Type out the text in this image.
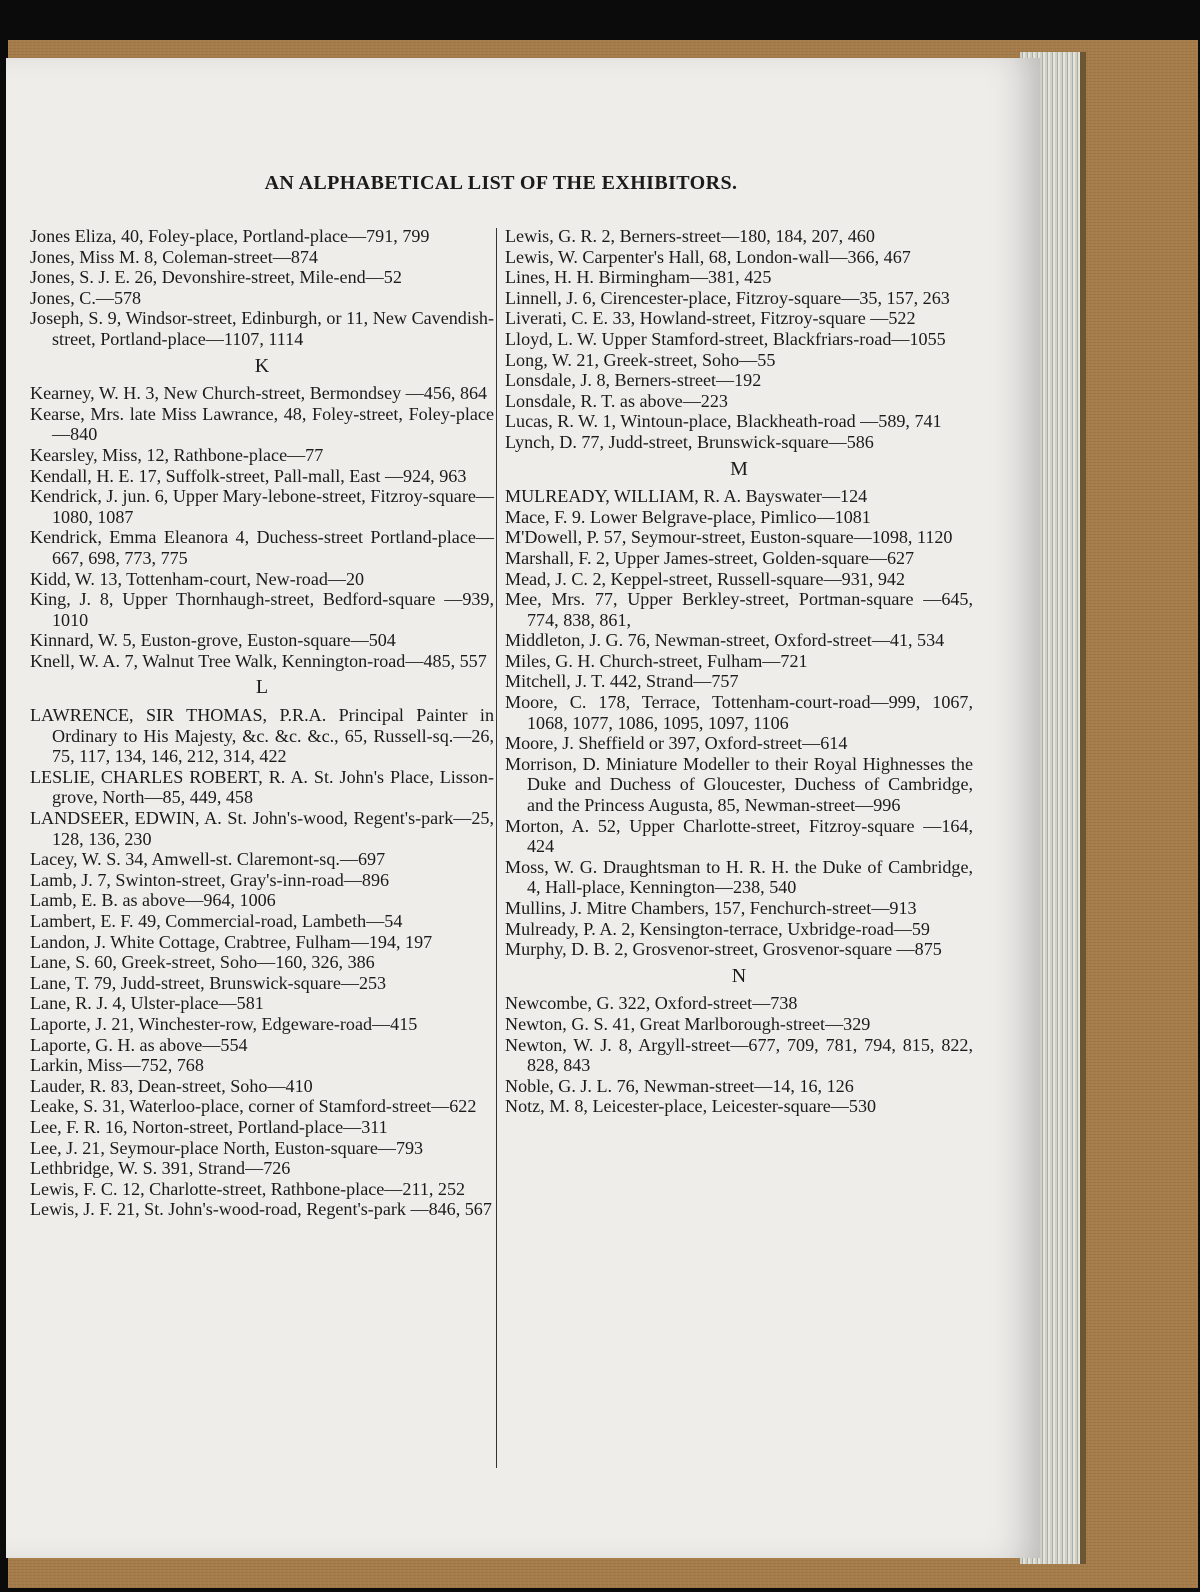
AN ALPHABETICAL LIST OF THE EXHIBITORS.

Jones Eliza, 40, Foley-place, Portland-place—791, 799

Jones, Miss M. 8, Coleman-street—874

Jones, S. J. E. 26, Devonshire-street, Mile-end—52

Jones, C.—578

Joseph, S. 9, Windsor-street, Edinburgh, or 11, New Cavendish-street, Portland-place—1107, 1114

K

Kearney, W. H. 3, New Church-street, Bermondsey —456, 864

Kearse, Mrs. late Miss Lawrance, 48, Foley-street, Foley-place—840

Kearsley, Miss, 12, Rathbone-place—77

Kendall, H. E. 17, Suffolk-street, Pall-mall, East —924, 963

Kendrick, J. jun. 6, Upper Mary-lebone-street, Fitzroy-square—1080, 1087

Kendrick, Emma Eleanora 4, Duchess-street Portland-place—667, 698, 773, 775

Kidd, W. 13, Tottenham-court, New-road—20

King, J. 8, Upper Thornhaugh-street, Bedford-square —939, 1010

Kinnard, W. 5, Euston-grove, Euston-square—504

Knell, W. A. 7, Walnut Tree Walk, Kennington-road—485, 557

L

LAWRENCE, SIR THOMAS, P.R.A. Principal Painter in Ordinary to His Majesty, &c. &c. &c., 65, Russell-sq.—26, 75, 117, 134, 146, 212, 314, 422

LESLIE, CHARLES ROBERT, R. A. St. John's Place, Lisson-grove, North—85, 449, 458

LANDSEER, EDWIN, A. St. John's-wood, Regent's-park—25, 128, 136, 230

Lacey, W. S. 34, Amwell-st. Claremont-sq.—697

Lamb, J. 7, Swinton-street, Gray's-inn-road—896

Lamb, E. B. as above—964, 1006

Lambert, E. F. 49, Commercial-road, Lambeth—54

Landon, J. White Cottage, Crabtree, Fulham—194, 197

Lane, S. 60, Greek-street, Soho—160, 326, 386

Lane, T. 79, Judd-street, Brunswick-square—253

Lane, R. J. 4, Ulster-place—581

Laporte, J. 21, Winchester-row, Edgeware-road—415

Laporte, G. H. as above—554

Larkin, Miss—752, 768

Lauder, R. 83, Dean-street, Soho—410

Leake, S. 31, Waterloo-place, corner of Stamford-street—622

Lee, F. R. 16, Norton-street, Portland-place—311

Lee, J. 21, Seymour-place North, Euston-square—793

Lethbridge, W. S. 391, Strand—726

Lewis, F. C. 12, Charlotte-street, Rathbone-place—211, 252

Lewis, J. F. 21, St. John's-wood-road, Regent's-park —846, 567

Lewis, G. R. 2, Berners-street—180, 184, 207, 460

Lewis, W. Carpenter's Hall, 68, London-wall—366, 467

Lines, H. H. Birmingham—381, 425

Linnell, J. 6, Cirencester-place, Fitzroy-square—35, 157, 263

Liverati, C. E. 33, Howland-street, Fitzroy-square —522

Lloyd, L. W. Upper Stamford-street, Blackfriars-road—1055

Long, W. 21, Greek-street, Soho—55

Lonsdale, J. 8, Berners-street—192

Lonsdale, R. T. as above—223

Lucas, R. W. 1, Wintoun-place, Blackheath-road —589, 741

Lynch, D. 77, Judd-street, Brunswick-square—586

M

MULREADY, WILLIAM, R. A. Bayswater—124

Mace, F. 9. Lower Belgrave-place, Pimlico—1081

M'Dowell, P. 57, Seymour-street, Euston-square—1098, 1120

Marshall, F. 2, Upper James-street, Golden-square—627

Mead, J. C. 2, Keppel-street, Russell-square—931, 942

Mee, Mrs. 77, Upper Berkley-street, Portman-square —645, 774, 838, 861,

Middleton, J. G. 76, Newman-street, Oxford-street—41, 534

Miles, G. H. Church-street, Fulham—721

Mitchell, J. T. 442, Strand—757

Moore, C. 178, Terrace, Tottenham-court-road—999, 1067, 1068, 1077, 1086, 1095, 1097, 1106

Moore, J. Sheffield or 397, Oxford-street—614

Morrison, D. Miniature Modeller to their Royal Highnesses the Duke and Duchess of Gloucester, Duchess of Cambridge, and the Princess Augusta, 85, Newman-street—996

Morton, A. 52, Upper Charlotte-street, Fitzroy-square —164, 424

Moss, W. G. Draughtsman to H. R. H. the Duke of Cambridge, 4, Hall-place, Kennington—238, 540

Mullins, J. Mitre Chambers, 157, Fenchurch-street—913

Mulready, P. A. 2, Kensington-terrace, Uxbridge-road—59

Murphy, D. B. 2, Grosvenor-street, Grosvenor-square —875

N

Newcombe, G. 322, Oxford-street—738

Newton, G. S. 41, Great Marlborough-street—329

Newton, W. J. 8, Argyll-street—677, 709, 781, 794, 815, 822, 828, 843

Noble, G. J. L. 76, Newman-street—14, 16, 126

Notz, M. 8, Leicester-place, Leicester-square—530
